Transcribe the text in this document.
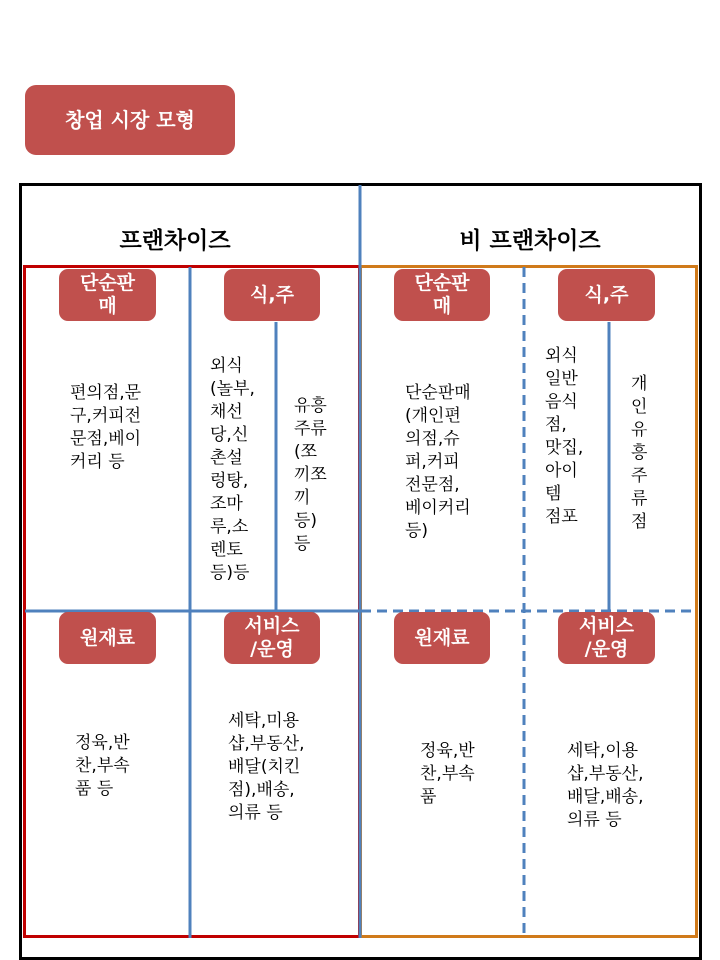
창업 시장 모형
프랜차이즈	비 프랜차이즈
단순판
매
식,주
편의점,문
구,커피전
문점,베이
커리 등
외식
(놀부,
채선
당,신
촌설
렁탕,
조마
루,소
렌토
등)등
유흥
주류
(쪼
끼쪼
끼
등)
등
원재료
서비스
/운영
정육,반
찬,부속
품 등
세탁,미용
샵,부동산,
배달(치킨
점),배송,
의류 등
단순판
매
식,주
단순판매
(개인편
의점,슈
퍼,커피
전문점,
베이커리
등)
외식
일반
음식
점,
맛집,
아이
템
점포
개
인
유
흥
주
류
점
원재료
서비스
/운영
정육,반
찬,부속
품
세탁,이용
샵,부동산,
배달,배송,
의류 등
